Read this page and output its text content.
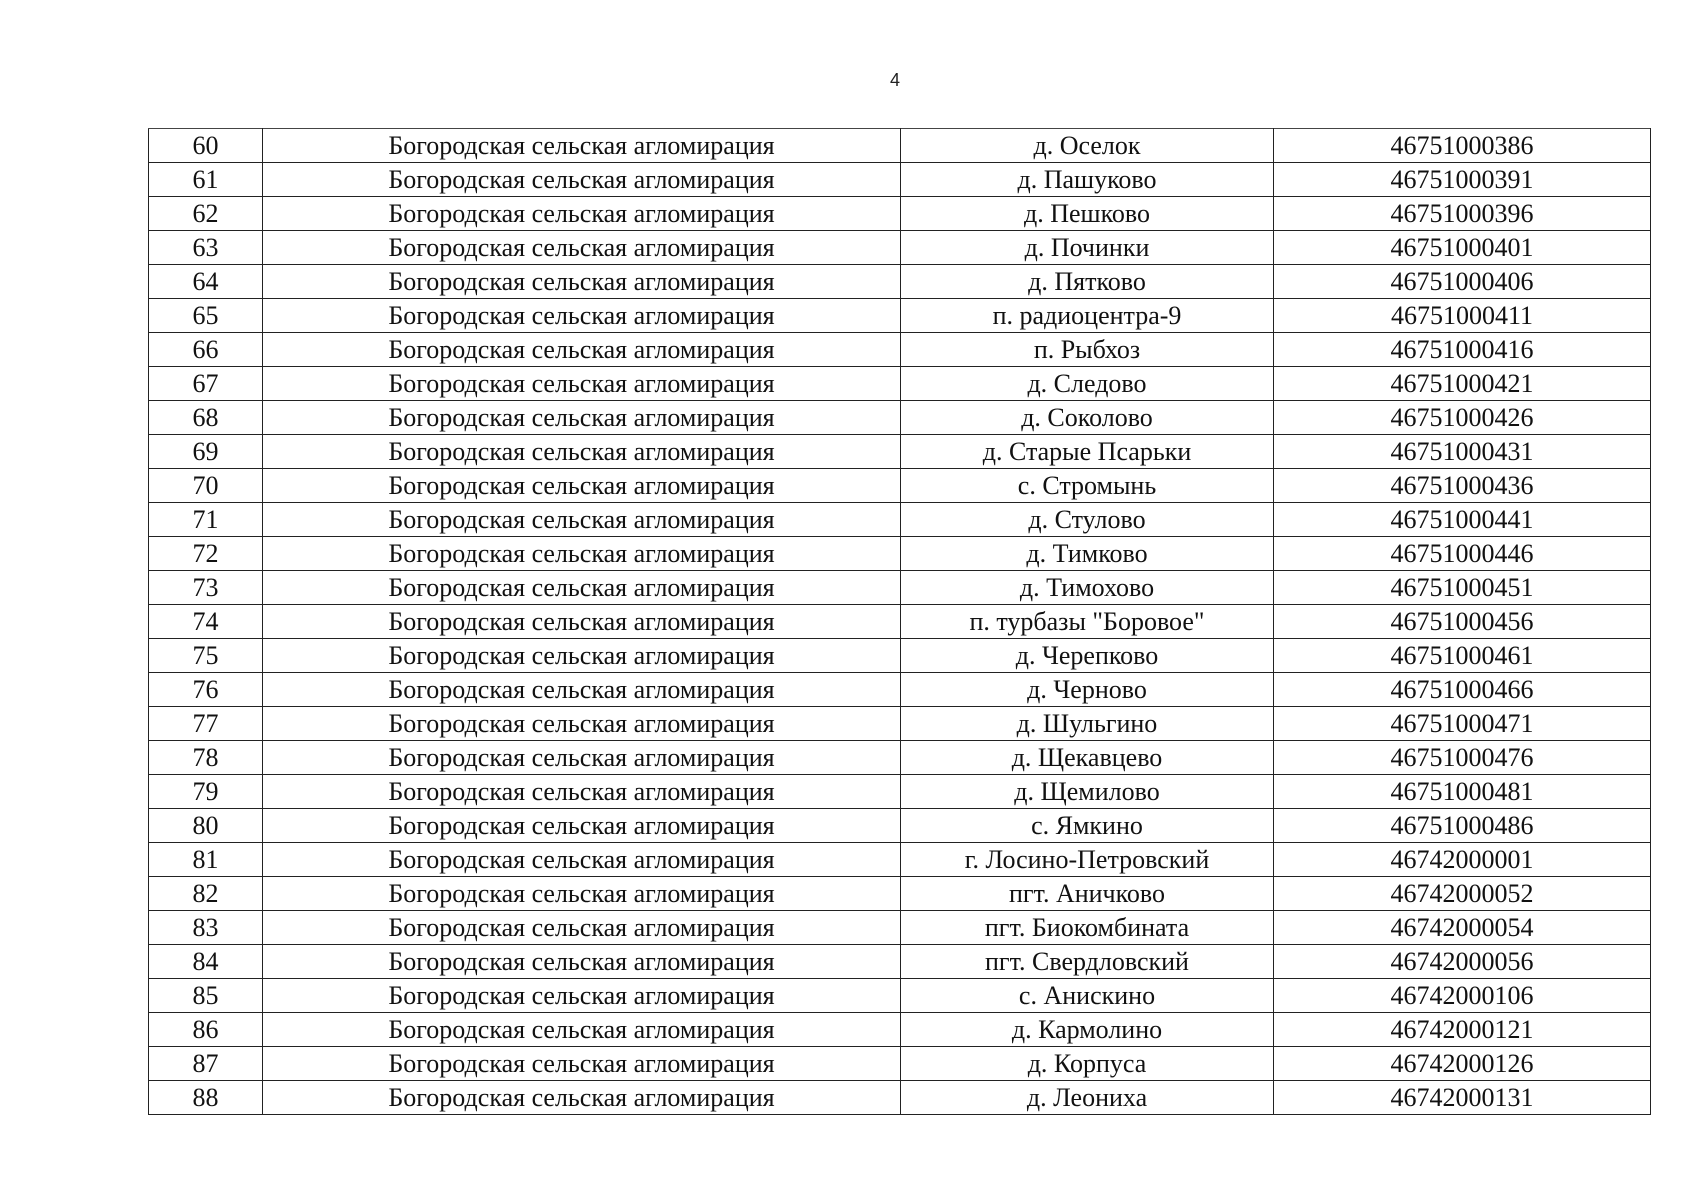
4
60	Богородская сельская агломирация	д. Оселок	46751000386
61	Богородская сельская агломирация	д. Пашуково	46751000391
62	Богородская сельская агломирация	д. Пешково	46751000396
63	Богородская сельская агломирация	д. Починки	46751000401
64	Богородская сельская агломирация	д. Пятково	46751000406
65	Богородская сельская агломирация	п. радиоцентра-9	46751000411
66	Богородская сельская агломирация	п. Рыбхоз	46751000416
67	Богородская сельская агломирация	д. Следово	46751000421
68	Богородская сельская агломирация	д. Соколово	46751000426
69	Богородская сельская агломирация	д. Старые Псарьки	46751000431
70	Богородская сельская агломирация	с. Стромынь	46751000436
71	Богородская сельская агломирация	д. Стулово	46751000441
72	Богородская сельская агломирация	д. Тимково	46751000446
73	Богородская сельская агломирация	д. Тимохово	46751000451
74	Богородская сельская агломирация	п. турбазы "Боровое"	46751000456
75	Богородская сельская агломирация	д. Черепково	46751000461
76	Богородская сельская агломирация	д. Черново	46751000466
77	Богородская сельская агломирация	д. Шульгино	46751000471
78	Богородская сельская агломирация	д. Щекавцево	46751000476
79	Богородская сельская агломирация	д. Щемилово	46751000481
80	Богородская сельская агломирация	с. Ямкино	46751000486
81	Богородская сельская агломирация	г. Лосино-Петровский	46742000001
82	Богородская сельская агломирация	пгт. Аничково	46742000052
83	Богородская сельская агломирация	пгт. Биокомбината	46742000054
84	Богородская сельская агломирация	пгт. Свердловский	46742000056
85	Богородская сельская агломирация	с. Анискино	46742000106
86	Богородская сельская агломирация	д. Кармолино	46742000121
87	Богородская сельская агломирация	д. Корпуса	46742000126
88	Богородская сельская агломирация	д. Леониха	46742000131
